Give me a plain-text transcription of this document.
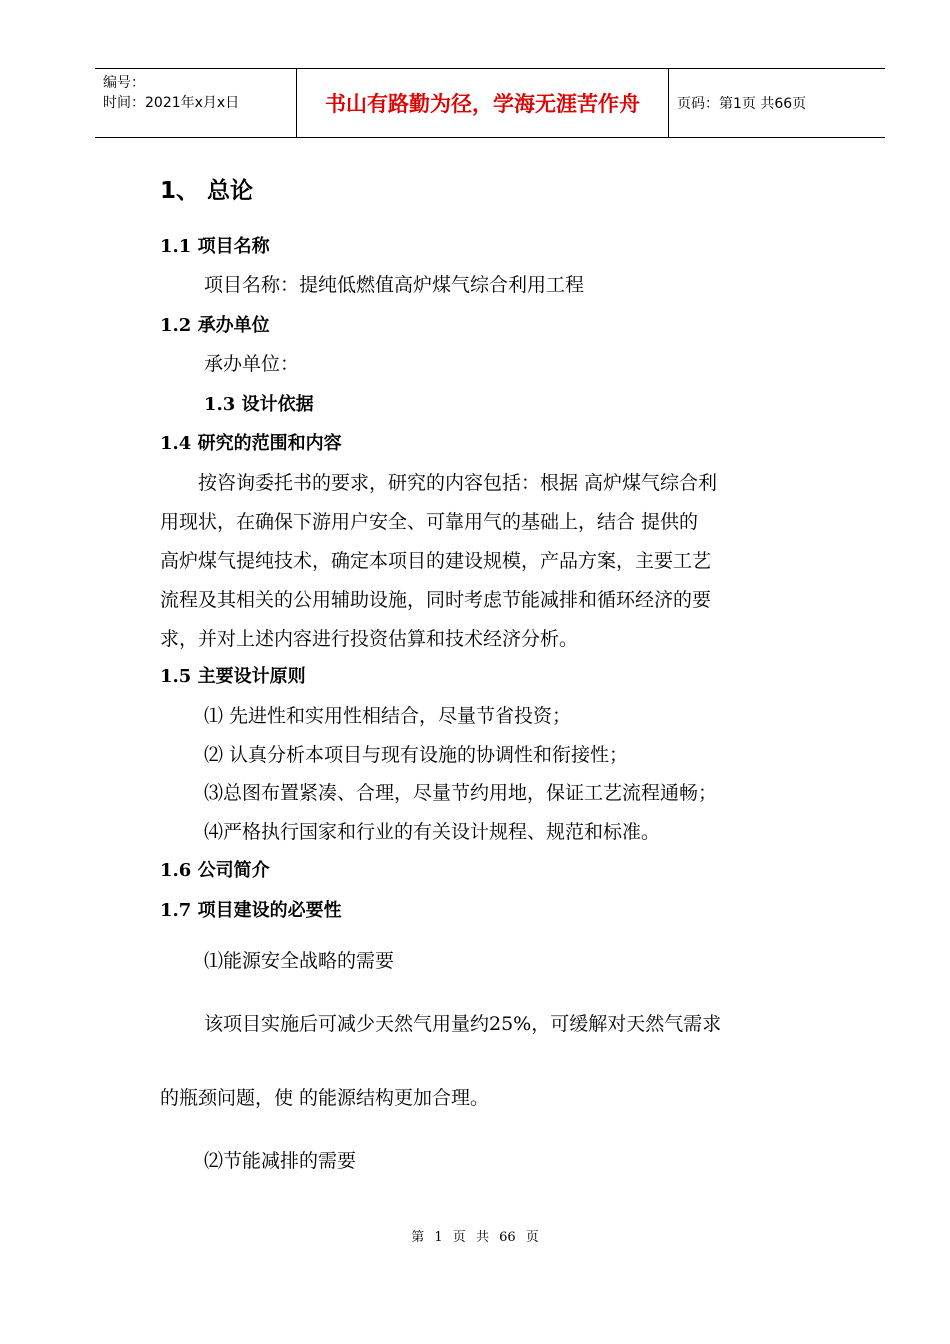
编号：
时间：2021年x月x日	书山有路勤为径，学海无涯苦作舟	页码：第1页 共66页
1、 总论
1.1 项目名称
项目名称：提纯低燃值高炉煤气综合利用工程
1.2 承办单位
承办单位：
1.3 设计依据
1.4 研究的范围和内容
　　按咨询委托书的要求，研究的内容包括：根据 高炉煤气综合利
用现状，在确保下游用户安全、可靠用气的基础上，结合 提供的
高炉煤气提纯技术，确定本项目的建设规模，产品方案，主要工艺
流程及其相关的公用辅助设施，同时考虑节能减排和循环经济的要
求，并对上述内容进行投资估算和技术经济分析。
1.5 主要设计原则
⑴ 先进性和实用性相结合，尽量节省投资；
⑵ 认真分析本项目与现有设施的协调性和衔接性；
⑶总图布置紧凑、合理，尽量节约用地，保证工艺流程通畅；
⑷严格执行国家和行业的有关设计规程、规范和标准。
1.6 公司简介
1.7 项目建设的必要性
⑴能源安全战略的需要
该项目实施后可减少天然气用量约25%，可缓解对天然气需求
的瓶颈问题，使 的能源结构更加合理。
⑵节能减排的需要
第 1 页 共 66 页
